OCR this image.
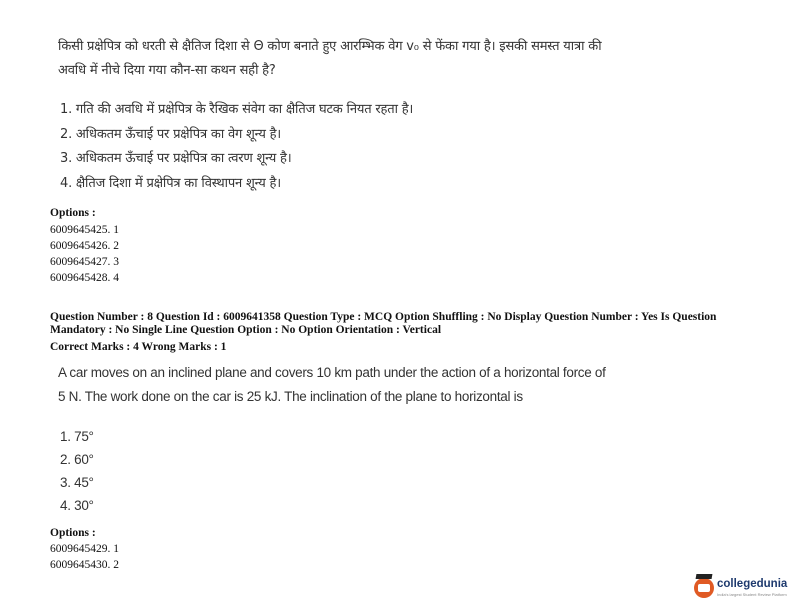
किसी प्रक्षेपित्र को धरती से क्षैतिज दिशा से Θ कोण बनाते हुए आरम्भिक वेग v₀ से फेंका गया है। इसकी समस्त यात्रा की
अवधि में नीचे दिया गया कौन-सा कथन सही है?
1. गति की अवधि में प्रक्षेपित्र के रैखिक संवेग का क्षैतिज घटक नियत रहता है।
2. अधिकतम ऊँचाई पर प्रक्षेपित्र का वेग शून्य है।
3. अधिकतम ऊँचाई पर प्रक्षेपित्र का त्वरण शून्य है।
4. क्षैतिज दिशा में प्रक्षेपित्र का विस्थापन शून्य है।
Options :
6009645425. 1
6009645426. 2
6009645427. 3
6009645428. 4
Question Number : 8 Question Id : 6009641358 Question Type : MCQ Option Shuffling : No Display Question Number : Yes Is Question Mandatory : No Single Line Question Option : No Option Orientation : Vertical
Correct Marks : 4 Wrong Marks : 1
A car moves on an inclined plane and covers 10 km path under the action of a horizontal force of
5 N. The work done on the car is 25 kJ. The inclination of the plane to horizontal is
1. 75°
2. 60°
3. 45°
4. 30°
Options :
6009645429. 1
6009645430. 2
collegedunia
India's largest Student Review Platform
